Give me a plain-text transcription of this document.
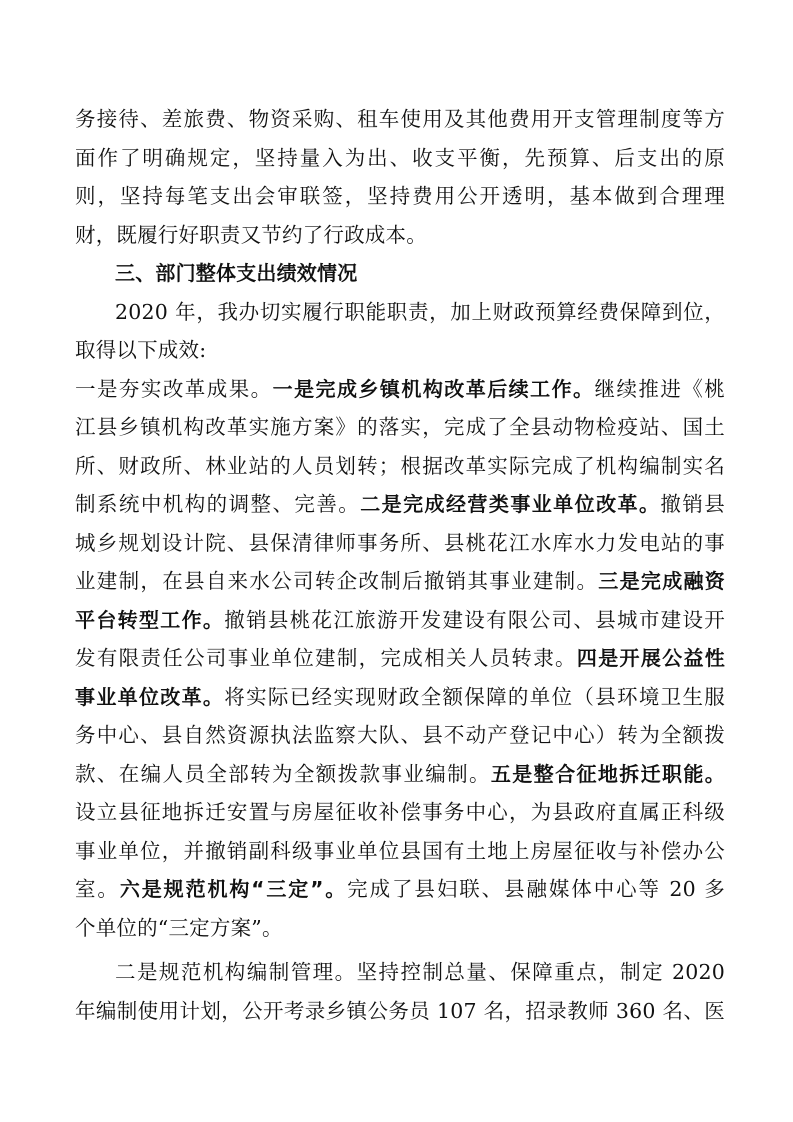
务接待、差旅费、物资采购、租车使用及其他费用开支管理制度等方
面作了明确规定，坚持量入为出、收支平衡，先预算、后支出的原
则，坚持每笔支出会审联签，坚持费用公开透明，基本做到合理理
财，既履行好职责又节约了行政成本。
三、部门整体支出绩效情况
2020 年，我办切实履行职能职责，加上财政预算经费保障到位，
取得以下成效:
一是夯实改革成果。一是完成乡镇机构改革后续工作。继续推进《桃
江县乡镇机构改革实施方案》的落实，完成了全县动物检疫站、国土
所、财政所、林业站的人员划转；根据改革实际完成了机构编制实名
制系统中机构的调整、完善。二是完成经营类事业单位改革。撤销县
城乡规划设计院、县保清律师事务所、县桃花江水库水力发电站的事
业建制，在县自来水公司转企改制后撤销其事业建制。三是完成融资
平台转型工作。撤销县桃花江旅游开发建设有限公司、县城市建设开
发有限责任公司事业单位建制，完成相关人员转隶。四是开展公益性
事业单位改革。将实际已经实现财政全额保障的单位（县环境卫生服
务中心、县自然资源执法监察大队、县不动产登记中心）转为全额拨
款、在编人员全部转为全额拨款事业编制。五是整合征地拆迁职能。
设立县征地拆迁安置与房屋征收补偿事务中心，为县政府直属正科级
事业单位，并撤销副科级事业单位县国有土地上房屋征收与补偿办公
室。六是规范机构“三定”。完成了县妇联、县融媒体中心等 20 多
个单位的“三定方案”。
二是规范机构编制管理。坚持控制总量、保障重点，制定 2020
年编制使用计划，公开考录乡镇公务员 107 名，招录教师 360 名、医
